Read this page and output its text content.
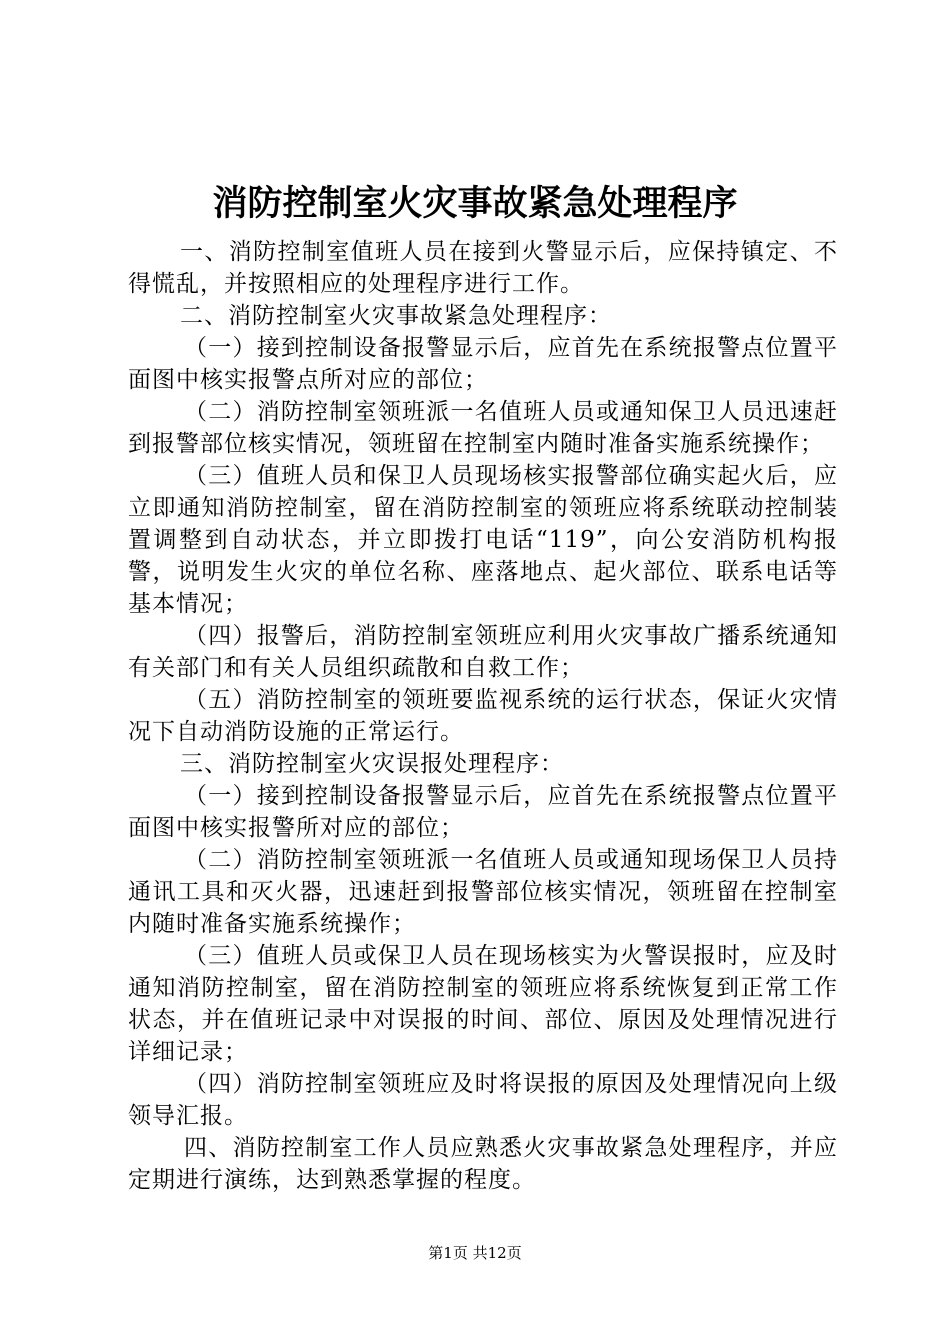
消防控制室火灾事故紧急处理程序

一、消防控制室值班人员在接到火警显示后，应保持镇定、不得慌乱，并按照相应的处理程序进行工作。

二、消防控制室火灾事故紧急处理程序：

（一）接到控制设备报警显示后，应首先在系统报警点位置平面图中核实报警点所对应的部位；

（二）消防控制室领班派一名值班人员或通知保卫人员迅速赶到报警部位核实情况，领班留在控制室内随时准备实施系统操作；

（三）值班人员和保卫人员现场核实报警部位确实起火后，应立即通知消防控制室，留在消防控制室的领班应将系统联动控制装置调整到自动状态，并立即拨打电话“119”，向公安消防机构报警，说明发生火灾的单位名称、座落地点、起火部位、联系电话等基本情况；

（四）报警后，消防控制室领班应利用火灾事故广播系统通知有关部门和有关人员组织疏散和自救工作；

（五）消防控制室的领班要监视系统的运行状态，保证火灾情况下自动消防设施的正常运行。

三、消防控制室火灾误报处理程序：

（一）接到控制设备报警显示后，应首先在系统报警点位置平面图中核实报警所对应的部位；

（二）消防控制室领班派一名值班人员或通知现场保卫人员持通讯工具和灭火器，迅速赶到报警部位核实情况，领班留在控制室内随时准备实施系统操作；

（三）值班人员或保卫人员在现场核实为火警误报时，应及时通知消防控制室，留在消防控制室的领班应将系统恢复到正常工作状态，并在值班记录中对误报的时间、部位、原因及处理情况进行详细记录；

（四）消防控制室领班应及时将误报的原因及处理情况向上级领导汇报。

四、消防控制室工作人员应熟悉火灾事故紧急处理程序，并应定期进行演练，达到熟悉掌握的程度。

第1页 共12页
